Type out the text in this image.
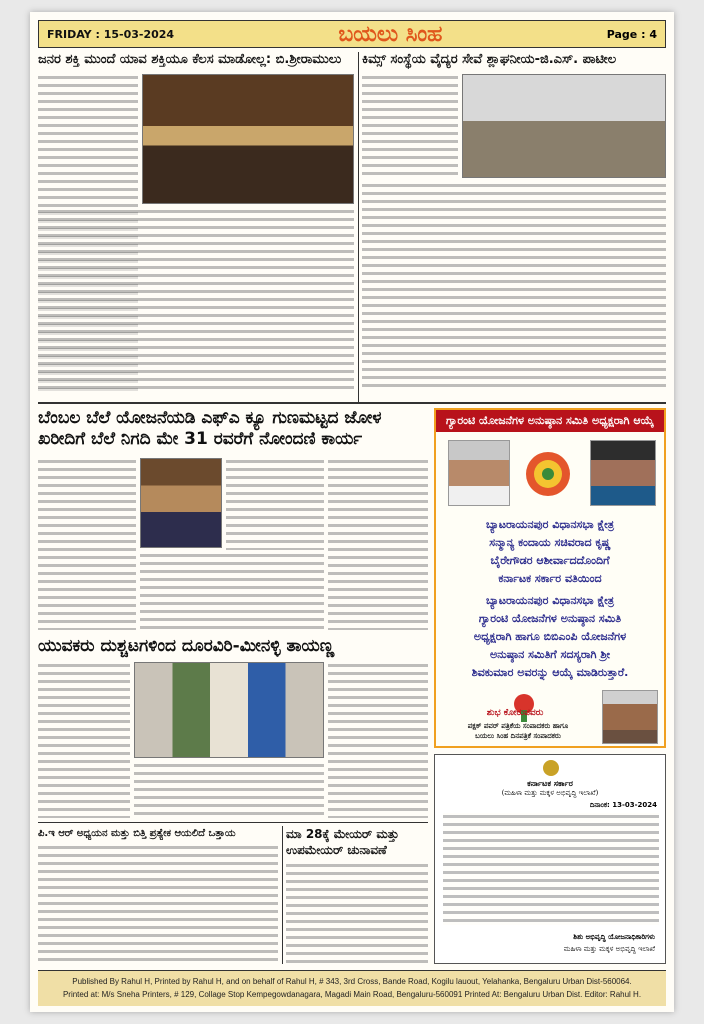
FRIDAY : 15-03-2024	ಬಯಲು ಸಿಂಹ	Page : 4
ಜನರ ಶಕ್ತಿ ಮುಂದೆ ಯಾವ ಶಕ್ತಿಯೂ ಕೆಲಸ ಮಾಡೋಲ್ಲ: ಬಿ.ಶ್ರೀರಾಮುಲು	ಕಿಮ್ಸ್ ಸಂಸ್ಥೆಯ ವೈದ್ಯರ ಸೇವೆ ಶ್ಲಾಘನೀಯ-ಜಿ.ಎಸ್. ಪಾಟೀಲ
ಬೆಂಬಲ ಬೆಲೆ ಯೋಜನೆಯಡಿ ಎಫ್‌ಎ ಕ್ಯೂ ಗುಣಮಟ್ಟದ ಜೋಳ ಖರೀದಿಗೆ ಬೆಲೆ ನಿಗದಿ ಮೇ 31 ರವರೆಗೆ ನೋಂದಣಿ ಕಾರ್ಯ
ಯುವಕರು ದುಶ್ಚಟಗಳಿಂದ ದೂರವಿರಿ-ಮೀನಳ್ಳಿ ತಾಯಣ್ಣ
ಪಿ.ಇ ಆರ್ ಅಧ್ಯಯನ ಮತ್ತು ಬಿತ್ತಿ ಪ್ರತ್ಯೇಕ ಆಯಲಿದೆ ಒತ್ತಾಯ	ಮಾ 28ಕ್ಕೆ ಮೇಯರ್ ಮತ್ತು ಉಪಮೇಯರ್ ಚುನಾವಣೆ
ಗ್ಯಾರಂಟಿ ಯೋಜನೆಗಳ ಅನುಷ್ಠಾನ ಸಮಿತಿ ಅಧ್ಯಕ್ಷರಾಗಿ ಆಯ್ಕೆ
ಬ್ಯಾಟರಾಯನಪುರ ವಿಧಾನಸಭಾ ಕ್ಷೇತ್ರ
ಸನ್ಮಾನ್ಯ ಕಂದಾಯ ಸಚಿವರಾದ ಕೃಷ್ಣ
ಬೈರೇಗೌಡರ ಆಶೀರ್ವಾದದೊಂದಿಗೆ
ಕರ್ನಾಟಕ ಸರ್ಕಾರ ವತಿಯಿಂದ
ಬ್ಯಾಟರಾಯನಪುರ ವಿಧಾನಸಭಾ ಕ್ಷೇತ್ರ
ಗ್ಯಾರಂಟಿ ಯೋಜನೆಗಳ ಅನುಷ್ಠಾನ ಸಮಿತಿ
ಅಧ್ಯಕ್ಷರಾಗಿ ಹಾಗೂ ಬಿಬಿಎಂಪಿ ಯೋಜನೆಗಳ
ಅನುಷ್ಠಾನ ಸಮಿತಿಗೆ ಸದಸ್ಯರಾಗಿ ಶ್ರೀ
ಶಿವಕುಮಾರ ಅವರನ್ನು ಆಯ್ಕೆ ಮಾಡಿರುತ್ತಾರೆ.
ಶುಭ ಕೋರುವವರು
ಪಕ್ಷಕ್ ಪವರ್ ಪತ್ರಿಕೆಯ ಸಂಪಾದಕರು ಹಾಗೂ
ಬಯಲು ಸಿಂಹ ದಿನಪತ್ರಿಕೆ ಸಂಪಾದಕರು
ಕರ್ನಾಟಕ ಸರ್ಕಾರ
(ಮಹಿಳಾ ಮತ್ತು ಮಕ್ಕಳ ಅಭಿವೃದ್ಧಿ ಇಲಾಖೆ)
ದಿನಾಂಕ: 13-03-2024
ಶಿಶು ಅಭಿವೃದ್ಧಿ ಯೋಜನಾಧಿಕಾರಿಗಳು
ಮಹಿಳಾ ಮತ್ತು ಮಕ್ಕಳ ಅಭಿವೃದ್ಧಿ ಇಲಾಖೆ
Published By Rahul H, Printed by Rahul H, and on behalf of Rahul H, # 343, 3rd Cross, Bande Road, Kogilu lauout, Yelahanka, Bengaluru Urban Dist-560064.
Printed at: M/s Sneha Printers, # 129, Collage Stop Kempegowdanagara, Magadi Main Road, Bengaluru-560091 Printed At: Bengaluru Urban Dist. Editor: Rahul H.
